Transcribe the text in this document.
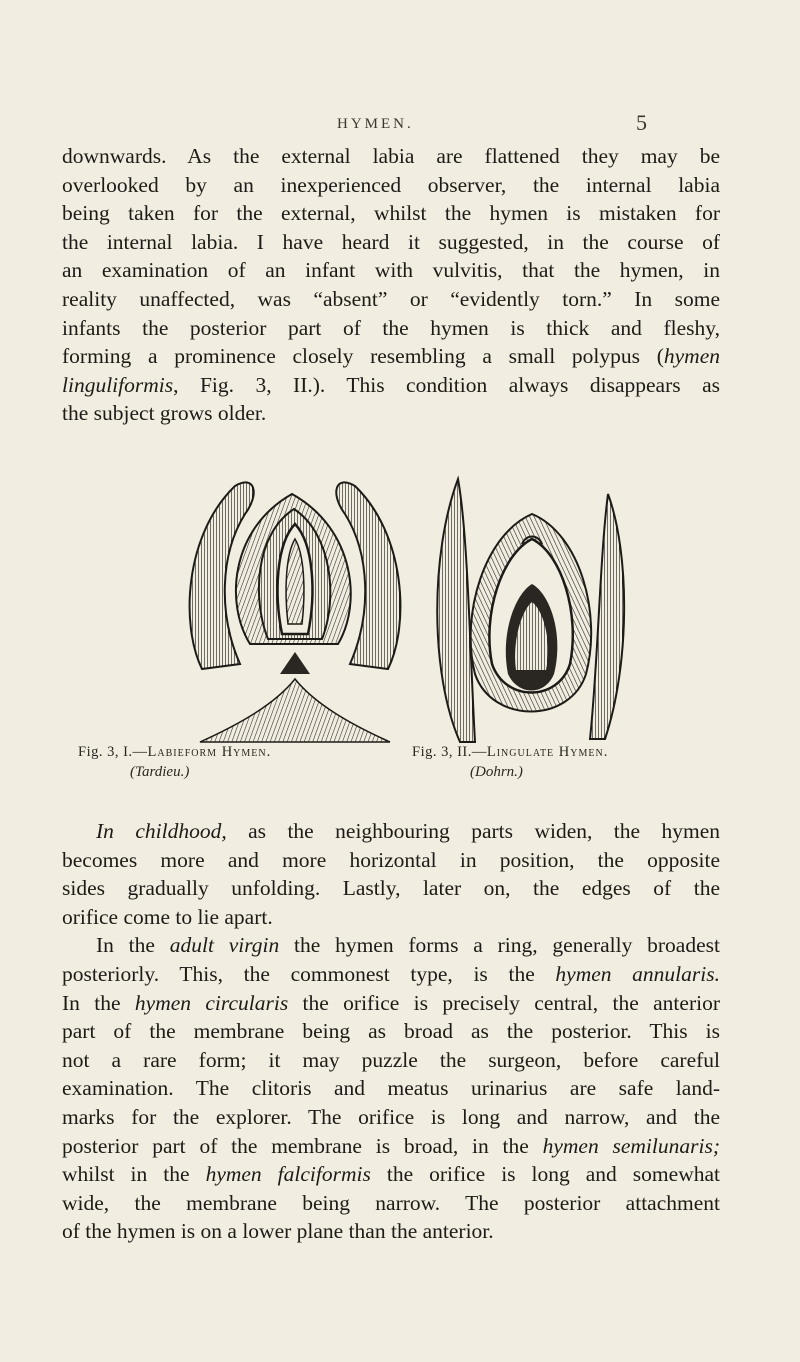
HYMEN.	5
downwards. As the external labia are flattened they may be
overlooked by an inexperienced observer, the internal labia
being taken for the external, whilst the hymen is mistaken for
the internal labia. I have heard it suggested, in the course of
an examination of an infant with vulvitis, that the hymen, in
reality unaffected, was “absent” or “evidently torn.” In some
infants the posterior part of the hymen is thick and fleshy,
forming a prominence closely resembling a small polypus (hymen
linguliformis, Fig. 3, II.). This condition always disappears as
the subject grows older.
Fig. 3, I.—Labieform Hymen.
(Tardieu.)
Fig. 3, II.—Lingulate Hymen.
(Dohrn.)
In childhood, as the neighbouring parts widen, the hymen
becomes more and more horizontal in position, the opposite
sides gradually unfolding. Lastly, later on, the edges of the
orifice come to lie apart.
In the adult virgin the hymen forms a ring, generally broadest
posteriorly. This, the commonest type, is the hymen annularis.
In the hymen circularis the orifice is precisely central, the anterior
part of the membrane being as broad as the posterior. This is
not a rare form; it may puzzle the surgeon, before careful
examination. The clitoris and meatus urinarius are safe land-
marks for the explorer. The orifice is long and narrow, and the
posterior part of the membrane is broad, in the hymen semilunaris;
whilst in the hymen falciformis the orifice is long and somewhat
wide, the membrane being narrow. The posterior attachment
of the hymen is on a lower plane than the anterior.
